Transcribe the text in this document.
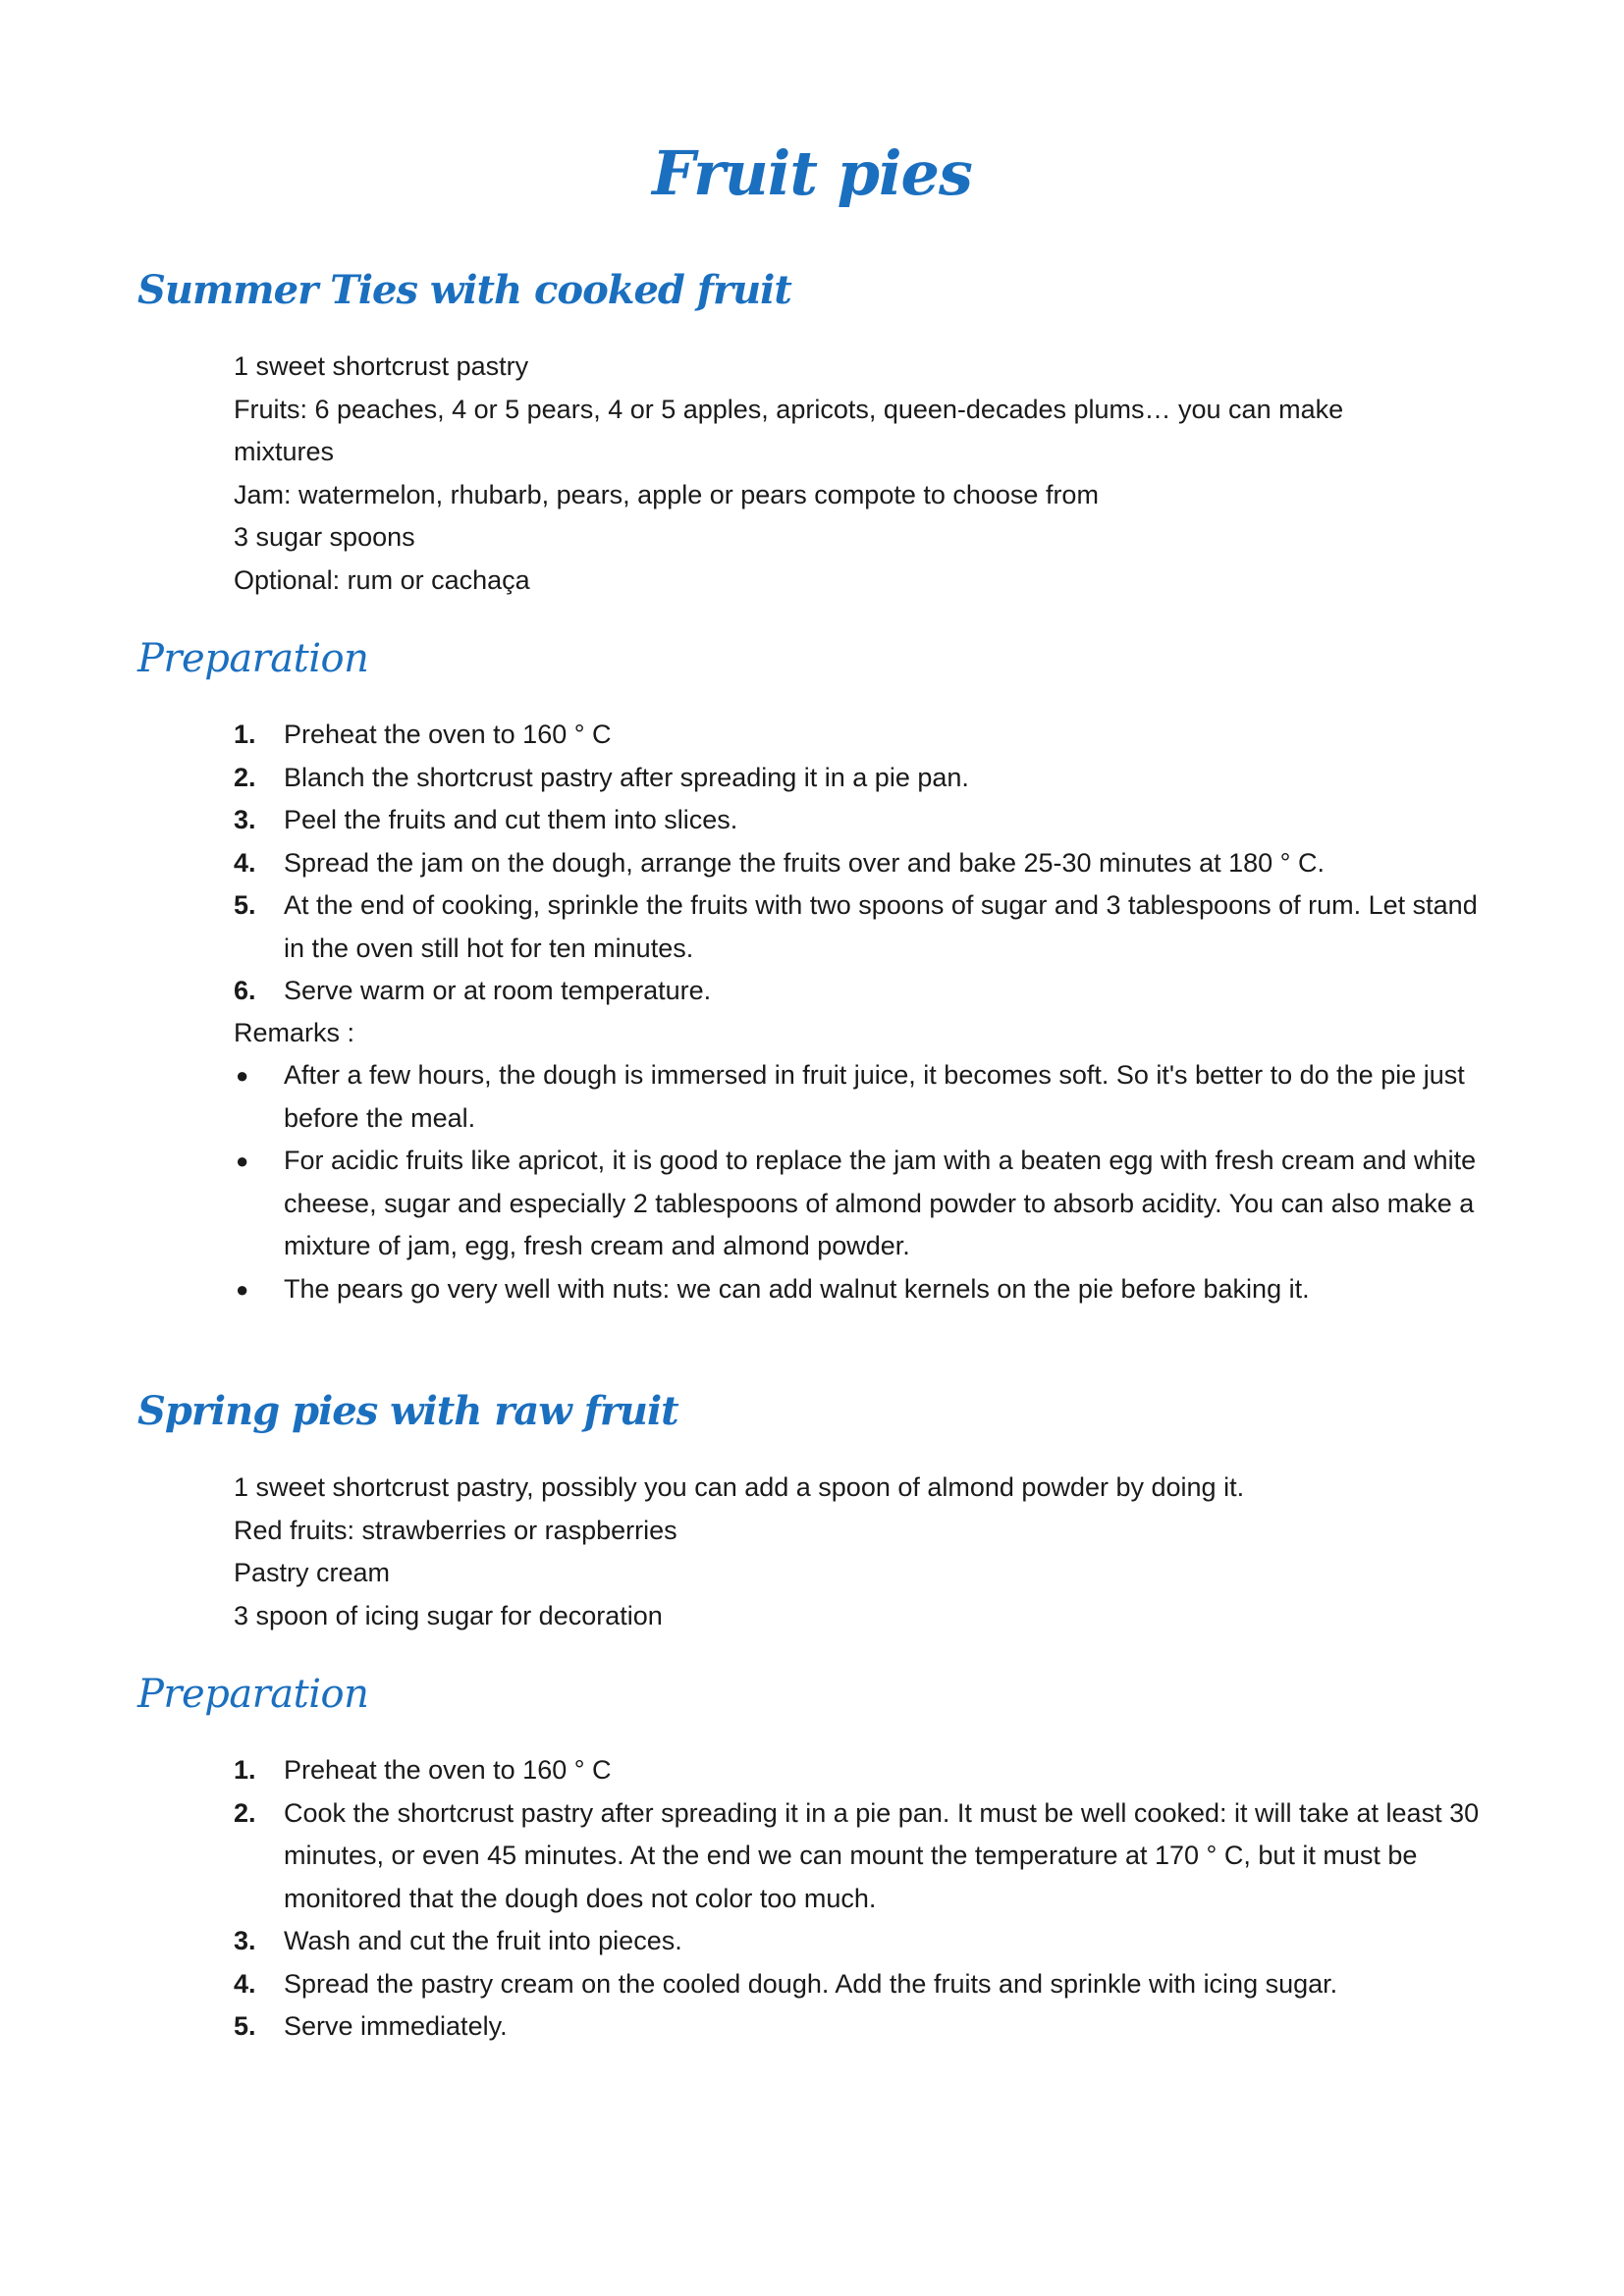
Fruit pies
Summer Ties with cooked fruit

1 sweet shortcrust pastry

Fruits: 6 peaches, 4 or 5 pears, 4 or 5 apples, apricots, queen-decades plums… you can make

mixtures

Jam: watermelon, rhubarb, pears, apple or pears compote to choose from

3 sugar spoons

Optional: rum or cachaça

Preparation
1. Preheat the oven to 160 ° C
2. Blanch the shortcrust pastry after spreading it in a pie pan.
3. Peel the fruits and cut them into slices.
4. Spread the jam on the dough, arrange the fruits over and bake 25-30 minutes at 180 ° C.
5. At the end of cooking, sprinkle the fruits with two spoons of sugar and 3 tablespoons of rum. Let stand in the oven still hot for ten minutes.
6. Serve warm or at room temperature.

Remarks :

● After a few hours, the dough is immersed in fruit juice, it becomes soft. So it's better to do the pie just before the meal.
● For acidic fruits like apricot, it is good to replace the jam with a beaten egg with fresh cream and white cheese, sugar and especially 2 tablespoons of almond powder to absorb acidity. You can also make a mixture of jam, egg, fresh cream and almond powder.
● The pears go very well with nuts: we can add walnut kernels on the pie before baking it.
Spring pies with raw fruit

1 sweet shortcrust pastry, possibly you can add a spoon of almond powder by doing it.

Red fruits: strawberries or raspberries

Pastry cream

3 spoon of icing sugar for decoration

Preparation
1. Preheat the oven to 160 ° C
2. Cook the shortcrust pastry after spreading it in a pie pan. It must be well cooked: it will take at least 30 minutes, or even 45 minutes. At the end we can mount the temperature at 170 ° C, but it must be monitored that the dough does not color too much.
3. Wash and cut the fruit into pieces.
4. Spread the pastry cream on the cooled dough. Add the fruits and sprinkle with icing sugar.
5. Serve immediately.
